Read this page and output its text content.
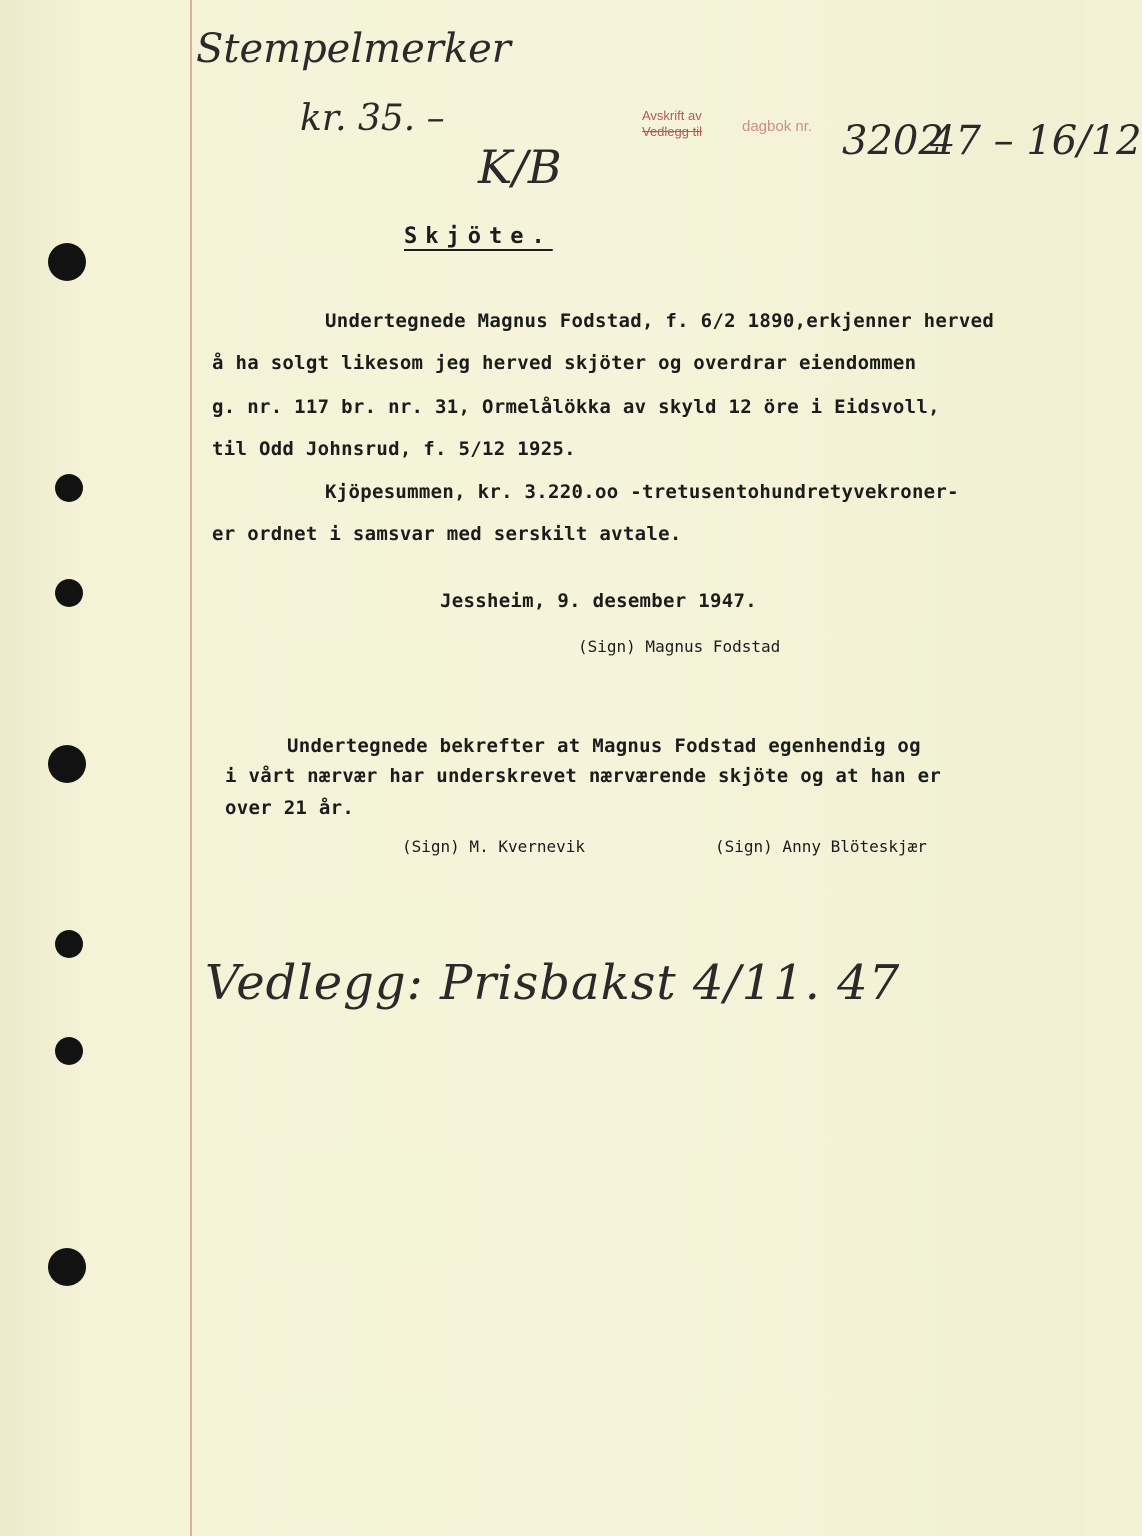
Stempelmerker
kr. 35. –
K/B
Avskrift av
Vedlegg til	dagbok nr. 3202
47 – 16/12
Skjöte.
Undertegnede Magnus Fodstad, f. 6/2 1890,erkjenner herved
å ha solgt likesom jeg herved skjöter og overdrar eiendommen
g. nr. 117 br. nr. 31, Ormelålökka av skyld 12 öre i Eidsvoll,
til Odd Johnsrud, f. 5/12 1925.
Kjöpesummen, kr. 3.220.oo -tretusentohundretyvekroner-
er ordnet i samsvar med serskilt avtale.
Jessheim, 9. desember 1947.
(Sign) Magnus Fodstad
Undertegnede bekrefter at Magnus Fodstad egenhendig og
i vårt nærvær har underskrevet nærværende skjöte og at han er
over 21 år.
(Sign) M. Kvernevik	(Sign) Anny Blöteskjær
Vedlegg: Prisbakst 4/11. 47
